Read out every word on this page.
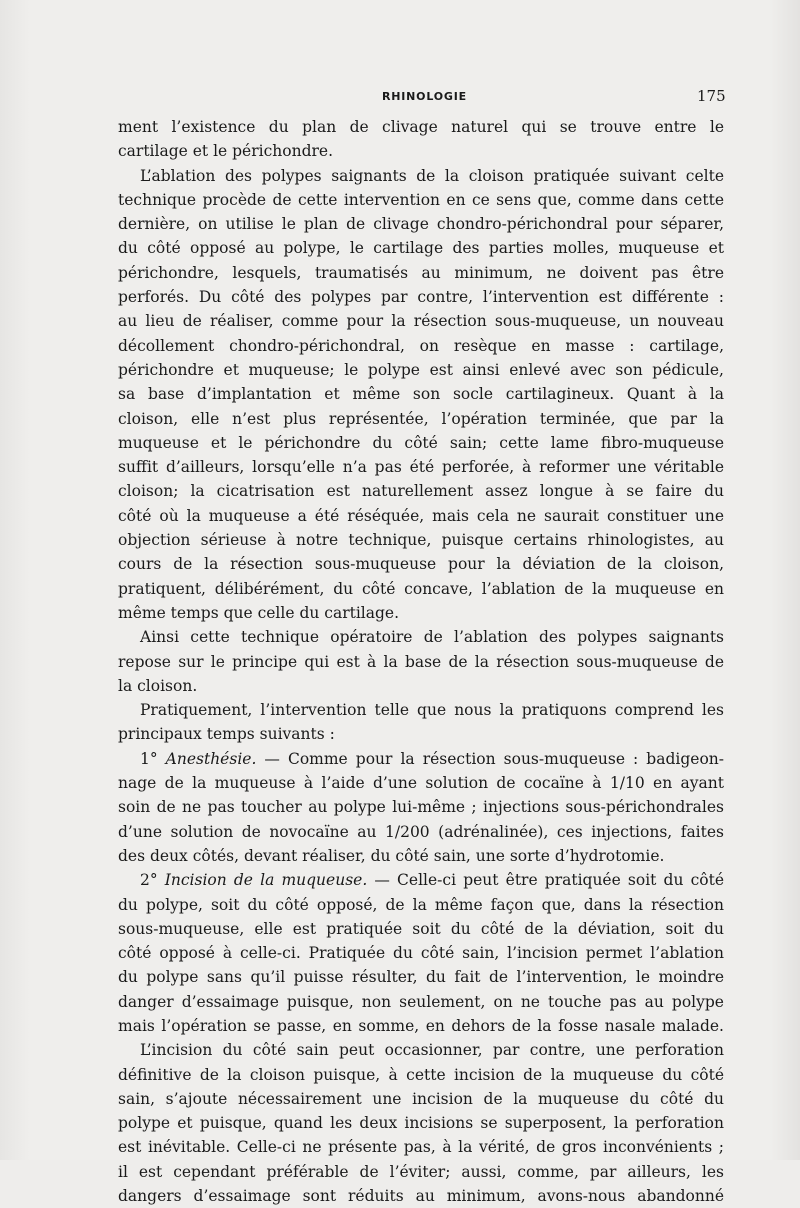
RHINOLOGIE	175
ment l’existence du plan de clivage naturel qui se trouve entre le
cartilage et le périchondre.
L’ablation des polypes saignants de la cloison pratiquée suivant celte
technique procède de cette intervention en ce sens que, comme dans cette
dernière, on utilise le plan de clivage chondro-périchondral pour séparer,
du côté opposé au polype, le cartilage des parties molles, muqueuse et
périchondre, lesquels, traumatisés au minimum, ne doivent pas être
perforés. Du côté des polypes par contre, l’intervention est différente :
au lieu de réaliser, comme pour la résection sous-muqueuse, un nouveau
décollement chondro-périchondral, on resèque en masse : cartilage,
périchondre et muqueuse; le polype est ainsi enlevé avec son pédicule,
sa base d’implantation et même son socle cartilagineux. Quant à la
cloison, elle n’est plus représentée, l’opération terminée, que par la
muqueuse et le périchondre du côté sain; cette lame fibro-muqueuse
suffit d’ailleurs, lorsqu’elle n’a pas été perforée, à reformer une véritable
cloison; la cicatrisation est naturellement assez longue à se faire du
côté où la muqueuse a été réséquée, mais cela ne saurait constituer une
objection sérieuse à notre technique, puisque certains rhinologistes, au
cours de la résection sous-muqueuse pour la déviation de la cloison,
pratiquent, délibérément, du côté concave, l’ablation de la muqueuse en
même temps que celle du cartilage.
Ainsi cette technique opératoire de l’ablation des polypes saignants
repose sur le principe qui est à la base de la résection sous-muqueuse de
la cloison.
Pratiquement, l’intervention telle que nous la pratiquons comprend les
principaux temps suivants :
1° Anesthésie. — Comme pour la résection sous-muqueuse : badigeon-
nage de la muqueuse à l’aide d’une solution de cocaïne à 1/10 en ayant
soin de ne pas toucher au polype lui-même ; injections sous-périchondrales
d’une solution de novocaïne au 1/200 (adrénalinée), ces injections, faites
des deux côtés, devant réaliser, du côté sain, une sorte d’hydrotomie.
2° Incision de la muqueuse. — Celle-ci peut être pratiquée soit du côté
du polype, soit du côté opposé, de la même façon que, dans la résection
sous-muqueuse, elle est pratiquée soit du côté de la déviation, soit du
côté opposé à celle-ci. Pratiquée du côté sain, l’incision permet l’ablation
du polype sans qu’il puisse résulter, du fait de l’intervention, le moindre
danger d’essaimage puisque, non seulement, on ne touche pas au polype
mais l’opération se passe, en somme, en dehors de la fosse nasale malade.
L’incision du côté sain peut occasionner, par contre, une perforation
définitive de la cloison puisque, à cette incision de la muqueuse du côté
sain, s’ajoute nécessairement une incision de la muqueuse du côté du
polype et puisque, quand les deux incisions se superposent, la perforation
est inévitable. Celle-ci ne présente pas, à la vérité, de gros inconvénients ;
il est cependant préférable de l’éviter; aussi, comme, par ailleurs, les
dangers d’essaimage sont réduits au minimum, avons-nous abandonné
